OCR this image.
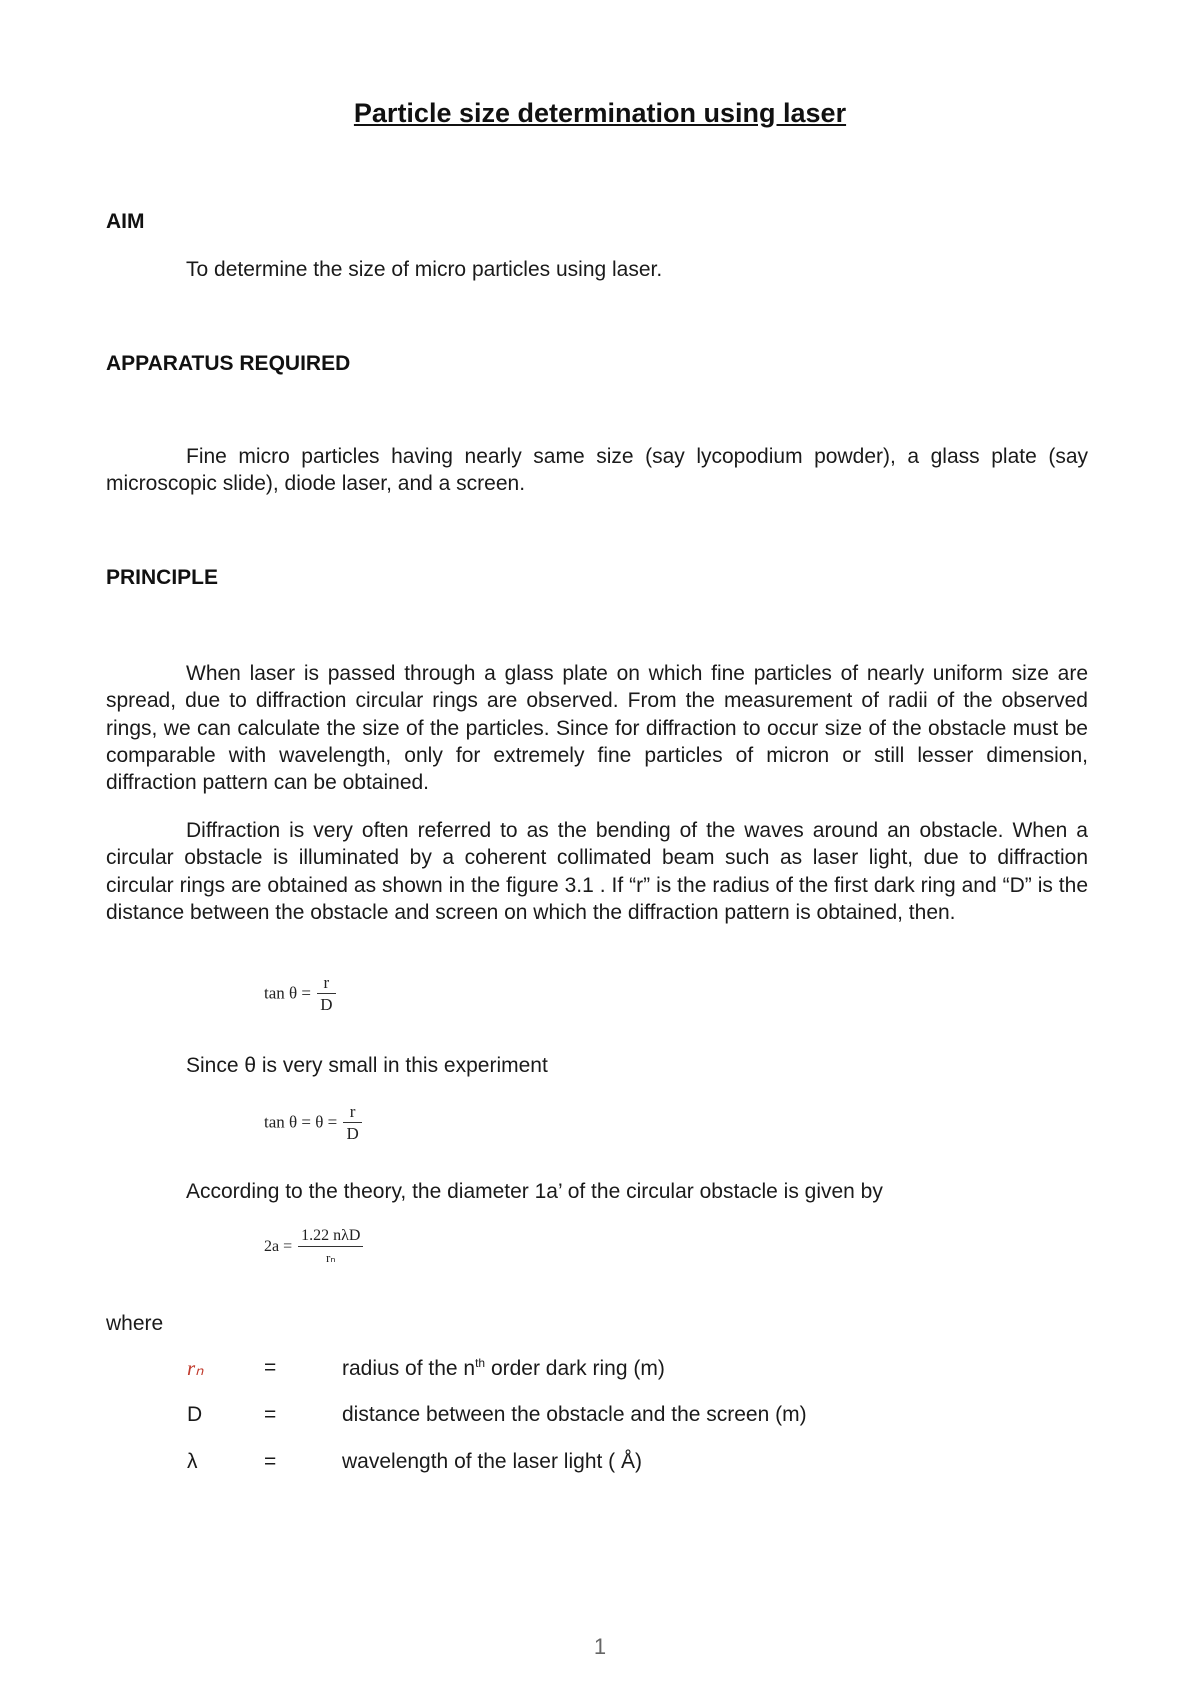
Particle size determination using laser
AIM
To determine the size of micro particles using laser.
APPARATUS REQUIRED
Fine micro particles having nearly same size (say lycopodium powder), a glass plate (say microscopic slide), diode laser, and a screen.
PRINCIPLE
When laser is passed through a glass plate on which fine particles of nearly uniform size are spread, due to diffraction circular rings are observed. From the measurement of radii of the observed rings, we can calculate the size of the particles. Since for diffraction to occur size of the obstacle must be comparable with wavelength, only for extremely fine particles of micron or still lesser dimension, diffraction pattern can be obtained.
Diffraction is very often referred to as the bending of the waves around an obstacle. When a circular obstacle is illuminated by a coherent collimated beam such as laser light, due to diffraction circular rings are obtained as shown in the figure 3.1 . If “r” is the radius of the first dark ring and “D” is the distance between the obstacle and screen on which the diffraction pattern is obtained, then.
$\tan \theta = \frac{r}{D}$
Since θ is very small in this experiment
$\tan \theta = \theta = \frac{r}{D}$
According to the theory, the diameter 1a’ of the circular obstacle is given by
$2a = \frac{\text{1.22 nλD}}{\text{rₙ}}$
where
rₙ	=	radius of the $n^{th}$ order dark ring (m)
D	=	distance between the obstacle and the screen (m)
λ	=	wavelength of the laser light ( Å)
1
